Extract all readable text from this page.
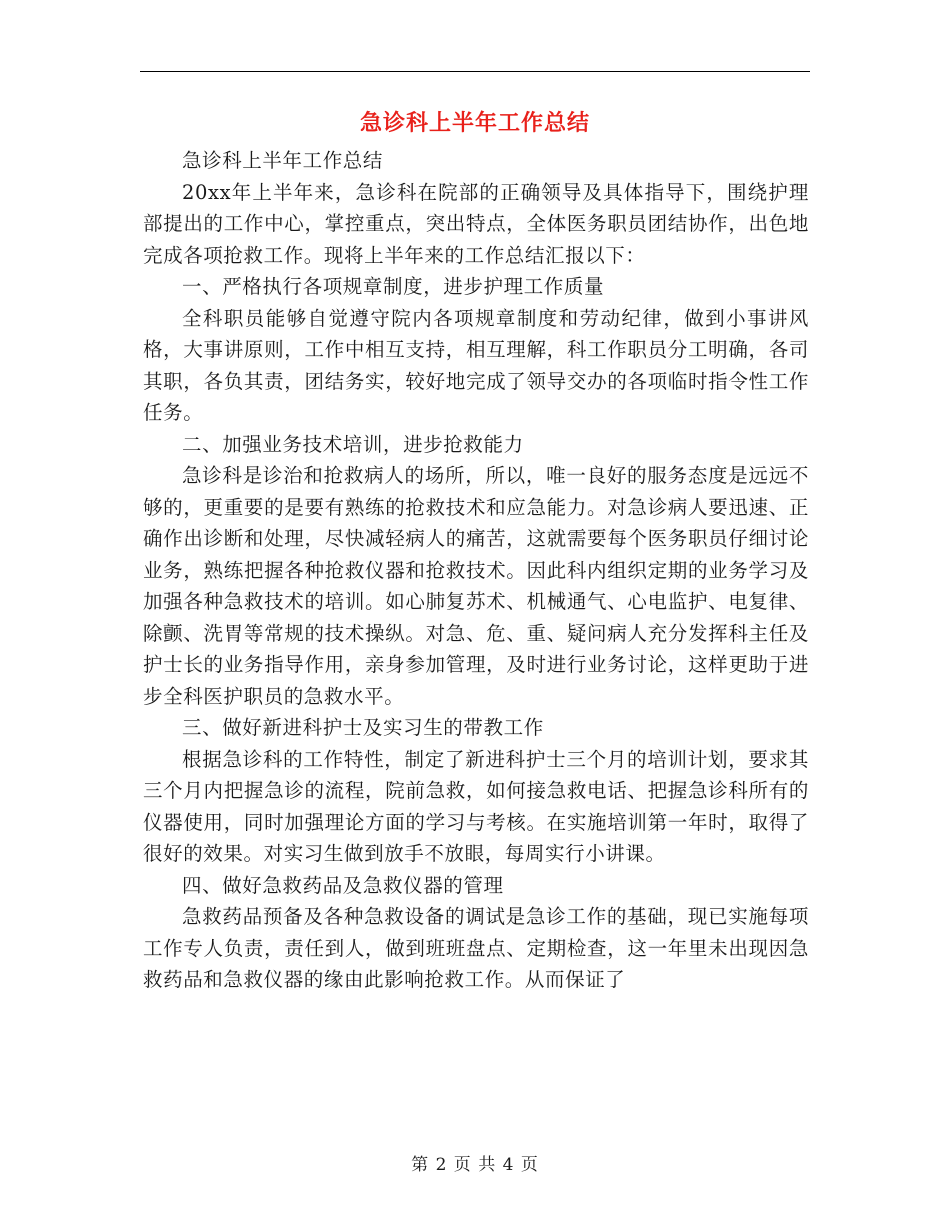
急诊科上半年工作总结

急诊科上半年工作总结

20xx年上半年来，急诊科在院部的正确领导及具体指导下，围绕护理部提出的工作中心，掌控重点，突出特点，全体医务职员团结协作，出色地完成各项抢救工作。现将上半年来的工作总结汇报以下：

一、严格执行各项规章制度，进步护理工作质量

全科职员能够自觉遵守院内各项规章制度和劳动纪律，做到小事讲风格，大事讲原则，工作中相互支持，相互理解，科工作职员分工明确，各司其职，各负其责，团结务实，较好地完成了领导交办的各项临时指令性工作任务。

二、加强业务技术培训，进步抢救能力

急诊科是诊治和抢救病人的场所，所以，唯一良好的服务态度是远远不够的，更重要的是要有熟练的抢救技术和应急能力。对急诊病人要迅速、正确作出诊断和处理，尽快减轻病人的痛苦，这就需要每个医务职员仔细讨论业务，熟练把握各种抢救仪器和抢救技术。因此科内组织定期的业务学习及加强各种急救技术的培训。如心肺复苏术、机械通气、心电监护、电复律、除颤、洗胃等常规的技术操纵。对急、危、重、疑问病人充分发挥科主任及护士长的业务指导作用，亲身参加管理，及时进行业务讨论，这样更助于进步全科医护职员的急救水平。

三、做好新进科护士及实习生的带教工作

根据急诊科的工作特性，制定了新进科护士三个月的培训计划，要求其三个月内把握急诊的流程，院前急救，如何接急救电话、把握急诊科所有的仪器使用，同时加强理论方面的学习与考核。在实施培训第一年时，取得了很好的效果。对实习生做到放手不放眼，每周实行小讲课。

四、做好急救药品及急救仪器的管理

急救药品预备及各种急救设备的调试是急诊工作的基础，现已实施每项工作专人负责，责任到人，做到班班盘点、定期检查，这一年里未出现因急救药品和急救仪器的缘由此影响抢救工作。从而保证了

第 2 页 共 4 页
